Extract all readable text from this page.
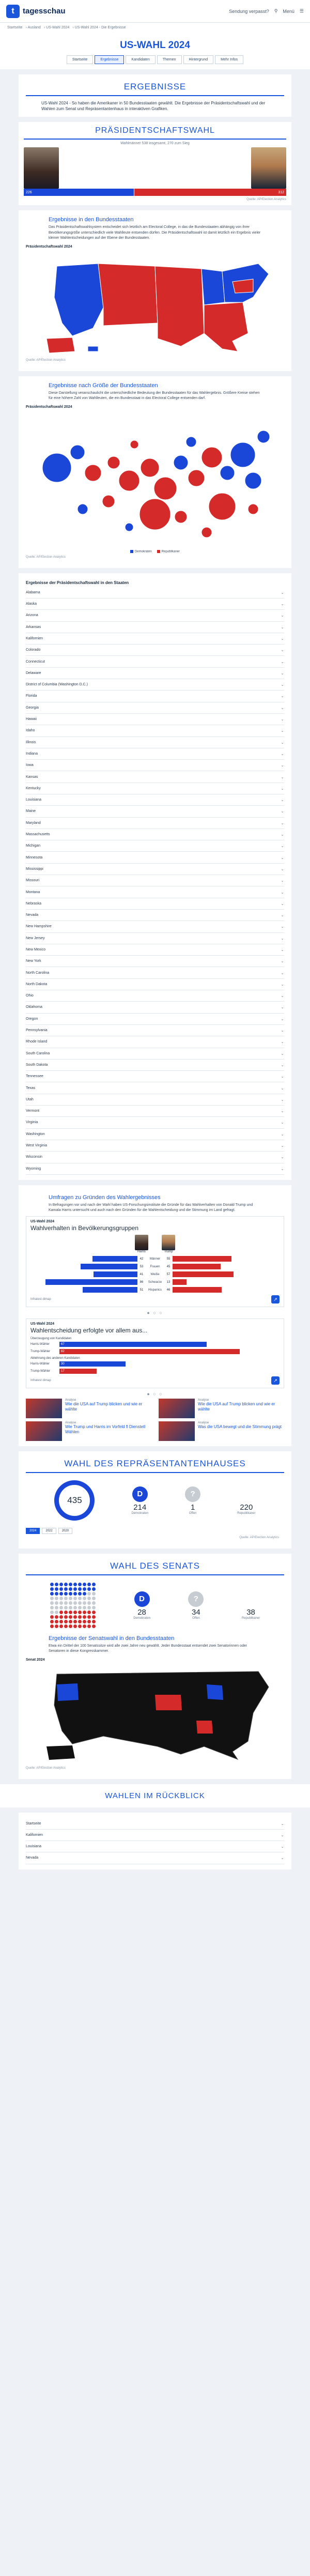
t	tagesschau	Sendung verpasst? ⚲ Menü ☰
Startseite › Ausland › US-Wahl 2024 › US-Wahl 2024 - Die Ergebnisse
US-WAHL 2024
Startseite	Ergebnisse	Kandidaten	Themen	Hintergrund	Mehr Infos
ERGEBNISSE

US-Wahl 2024 - So haben die Amerikaner in 50 Bundesstaaten gewählt. Die Ergebnisse der Präsidentschaftswahl und der Wahlen zum Senat und Repräsentantenhaus in interaktiven Grafiken.

PRÄSIDENTSCHAFTSWAHL
Wahlmänner 538 insgesamt, 270 zum Sieg
226	312
Quelle: AP/Election Analytics
Ergebnisse in den Bundesstaaten

Das Präsidentschaftswahlsystem entscheidet sich letztlich am Electoral College, in das die Bundesstaaten abhängig von ihrer Bevölkerungsgröße unterschiedlich viele Wahlleute entsenden dürfen. Die Präsidentschaftswahl ist damit letztlich ein Ergebnis vieler kleiner Wahlentscheidungen auf der Ebene der Bundesstaaten.

Präsidentschaftswahl 2024
Quelle: AP/Election Analytics
Ergebnisse nach Größe der Bundesstaaten

Diese Darstellung veranschaulicht die unterschiedliche Bedeutung der Bundesstaaten für das Wahlergebnis. Größere Kreise stehen für eine höhere Zahl von Wahlleuten, die ein Bundesstaat in das Electoral College entsenden darf.

Präsidentschaftswahl 2024
Demokraten	Republikaner
Quelle: AP/Election Analytics
Ergebnisse der Präsidentschaftswahl in den Staaten
Alabama	⌄
Alaska	⌄
Arizona	⌄
Arkansas	⌄
Kalifornien	⌄
Colorado	⌄
Connecticut	⌄
Delaware	⌄
District of Columbia (Washington D.C.)	⌄
Florida	⌄
Georgia	⌄
Hawaii	⌄
Idaho	⌄
Illinois	⌄
Indiana	⌄
Iowa	⌄
Kansas	⌄
Kentucky	⌄
Louisiana	⌄
Maine	⌄
Maryland	⌄
Massachusetts	⌄
Michigan	⌄
Minnesota	⌄
Mississippi	⌄
Missouri	⌄
Montana	⌄
Nebraska	⌄
Nevada	⌄
New Hampshire	⌄
New Jersey	⌄
New Mexico	⌄
New York	⌄
North Carolina	⌄
North Dakota	⌄
Ohio	⌄
Oklahoma	⌄
Oregon	⌄
Pennsylvania	⌄
Rhode Island	⌄
South Carolina	⌄
South Dakota	⌄
Tennessee	⌄
Texas	⌄
Utah	⌄
Vermont	⌄
Virginia	⌄
Washington	⌄
West Virginia	⌄
Wisconsin	⌄
Wyoming	⌄
Umfragen zu Gründen des Wahlergebnisses

In Befragungen vor und nach der Wahl haben US-Forschungsinstitute die Gründe für das Wahlverhalten von Donald Trump und Kamala Harris untersucht und auch nach den Gründen für die Wahlentscheidung und die Stimmung im Land gefragt.

US-Wahl 2024
Wahlverhalten in Bevölkerungsgruppen
Harris	Trump
42	Männer	55
53	Frauen	45
41	Weiße	57
86	Schwarze	13
51	Hispanics	46
Infratest dimap	↗
● ○ ○
US-Wahl 2024
Wahlentscheidung erfolgte vor allem aus...
Überzeugung von Kandidaten
Harris-Wähler	67
Trump-Wähler	82
Ablehnung des anderen Kandidaten
Harris-Wähler	30
Trump-Wähler	17
Infratest dimap	↗
● ○ ○
Analyse
Wie die USA auf Trump blicken und wie er wählte
Analyse
Wie die USA auf Trump blicken und wie er wählte
Analyse
Wie Trump und Harris im Vorfeld fl Dienstetl Wählen
Analyse
Was die USA bewegt und die Stimmung prägt
WAHL DES REPRÄSENTANTENHAUSES
435
D
214
Demokraten
?
1
Offen
220
Republikaner
2024	2022	2020
Quelle: AP/Election Analytics
WAHL DES SENATS
D
28
Demokraten
?
34
Offen
38
Republikaner
Ergebnisse der Senatswahl in den Bundesstaaten

Etwa ein Drittel der 100 Senatssitze wird alle zwei Jahre neu gewählt. Jeder Bundesstaat entsendet zwei Senatorinnen oder Senatoren in diese Kongresskammer.

Senat 2024
Quelle: AP/Election Analytics
WAHLEN IM RÜCKBLICK
Startseite	⌄
Kalifornien	⌄
Louisiana	⌄
Nevada	⌄
